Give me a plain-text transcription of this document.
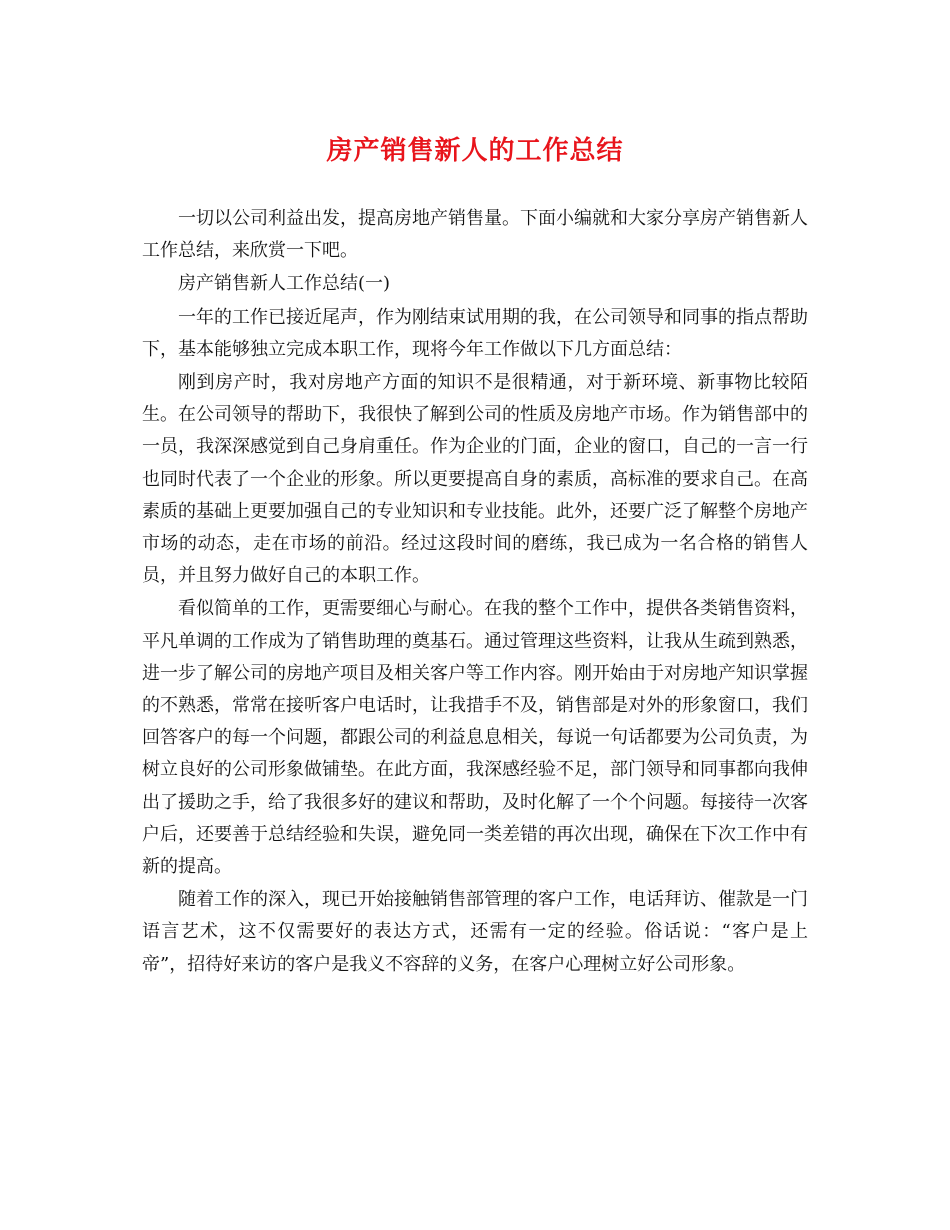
房产销售新人的工作总结

一切以公司利益出发，提高房地产销售量。下面小编就和大家分享房产销售新人工作总结，来欣赏一下吧。

房产销售新人工作总结(一)

一年的工作已接近尾声，作为刚结束试用期的我，在公司领导和同事的指点帮助下，基本能够独立完成本职工作，现将今年工作做以下几方面总结：

刚到房产时，我对房地产方面的知识不是很精通，对于新环境、新事物比较陌生。在公司领导的帮助下，我很快了解到公司的性质及房地产市场。作为销售部中的一员，我深深感觉到自己身肩重任。作为企业的门面，企业的窗口，自己的一言一行也同时代表了一个企业的形象。所以更要提高自身的素质，高标准的要求自己。在高素质的基础上更要加强自己的专业知识和专业技能。此外，还要广泛了解整个房地产市场的动态，走在市场的前沿。经过这段时间的磨练，我已成为一名合格的销售人员，并且努力做好自己的本职工作。

看似简单的工作，更需要细心与耐心。在我的整个工作中，提供各类销售资料，平凡单调的工作成为了销售助理的奠基石。通过管理这些资料，让我从生疏到熟悉，进一步了解公司的房地产项目及相关客户等工作内容。刚开始由于对房地产知识掌握的不熟悉，常常在接听客户电话时，让我措手不及，销售部是对外的形象窗口，我们回答客户的每一个问题，都跟公司的利益息息相关，每说一句话都要为公司负责，为树立良好的公司形象做铺垫。在此方面，我深感经验不足，部门领导和同事都向我伸出了援助之手，给了我很多好的建议和帮助，及时化解了一个个问题。每接待一次客户后，还要善于总结经验和失误，避免同一类差错的再次出现，确保在下次工作中有新的提高。

随着工作的深入，现已开始接触销售部管理的客户工作，电话拜访、催款是一门语言艺术，这不仅需要好的表达方式，还需有一定的经验。俗话说：“客户是上帝”，招待好来访的客户是我义不容辞的义务，在客户心理树立好公司形象。
